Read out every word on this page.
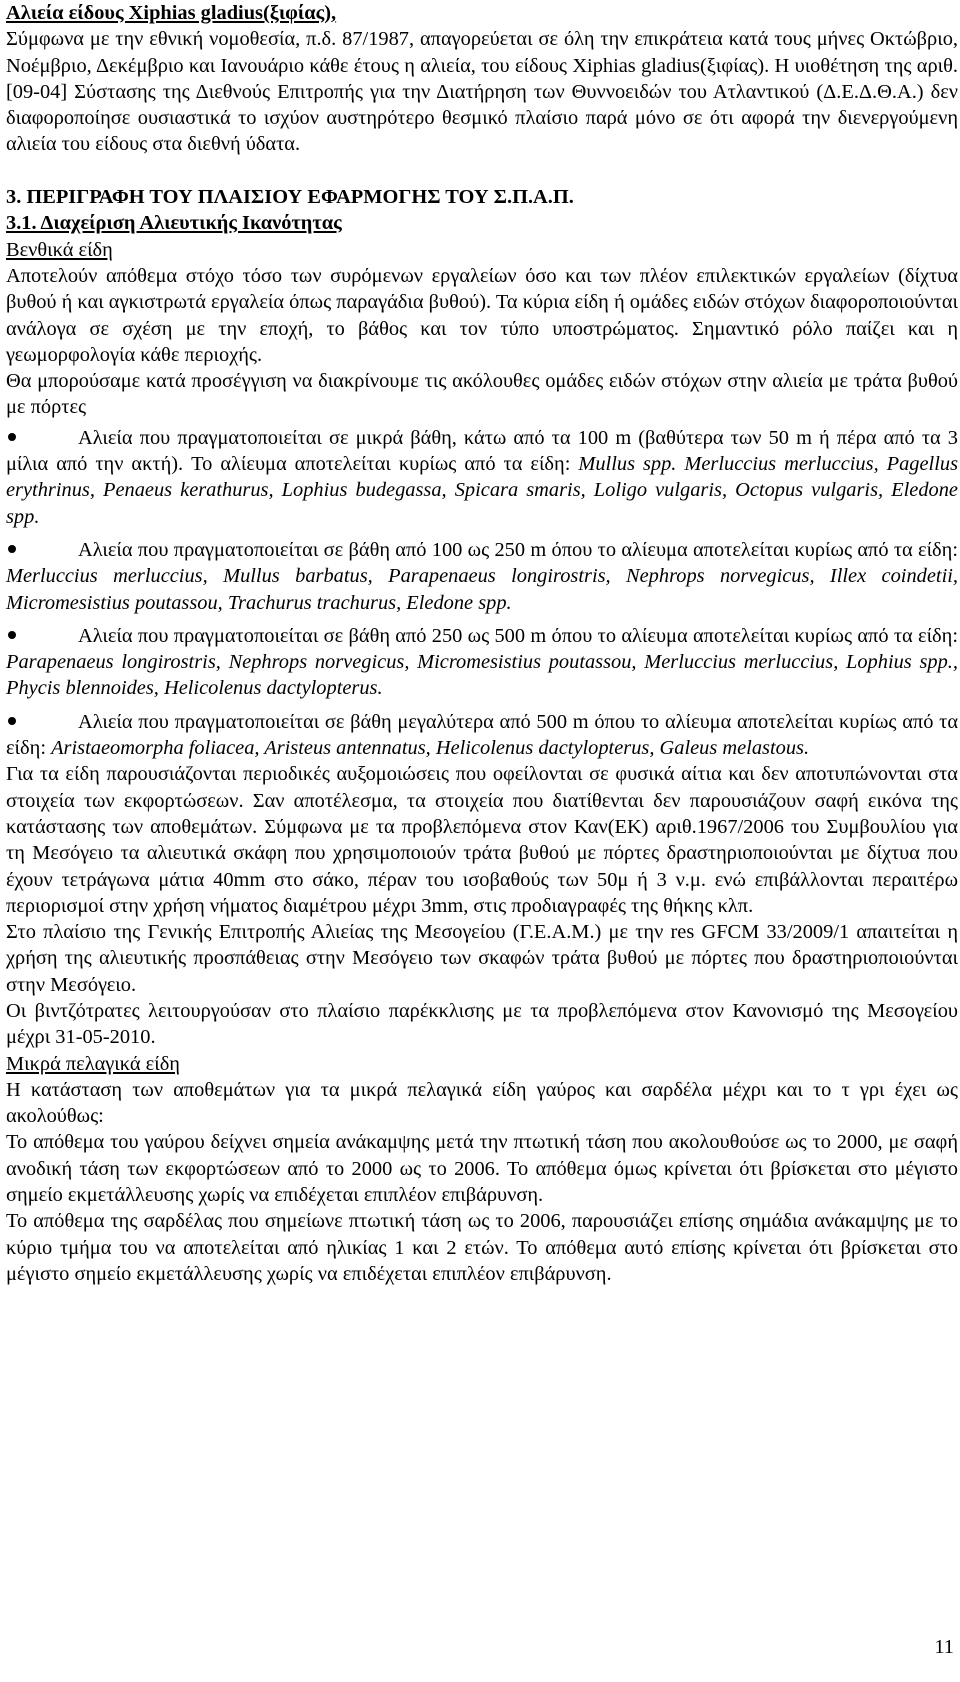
Αλιεία είδους Xiphias gladius(ξιφίας),

Σύμφωνα με την εθνική νομοθεσία, π.δ. 87/1987, απαγορεύεται σε όλη την επικράτεια κατά τους μήνες Οκτώβριο, Νοέμβριο, Δεκέμβριο και Ιανουάριο κάθε έτους η αλιεία, του είδους Xiphias gladius(ξιφίας). Η υιοθέτηση της αριθ. [09-04] Σύστασης της Διεθνούς Επιτροπής για την Διατήρηση των Θυννοειδών του Ατλαντικού (Δ.Ε.Δ.Θ.Α.) δεν διαφοροποίησε ουσιαστικά το ισχύον αυστηρότερο θεσμικό πλαίσιο παρά μόνο σε ότι αφορά την διενεργούμενη αλιεία του είδους στα διεθνή ύδατα.

3. ΠΕΡΙΓΡΑΦΗ ΤΟΥ ΠΛΑΙΣΙΟΥ ΕΦΑΡΜΟΓΗΣ ΤΟΥ Σ.Π.Α.Π.

3.1. Διαχείριση Αλιευτικής Ικανότητας

Βενθικά είδη

Αποτελούν απόθεμα στόχο τόσο των συρόμενων εργαλείων όσο και των πλέον επιλεκτικών εργαλείων (δίχτυα βυθού ή και αγκιστρωτά εργαλεία όπως παραγάδια βυθού). Τα κύρια είδη ή ομάδες ειδών στόχων διαφοροποιούνται ανάλογα σε σχέση με την εποχή, το βάθος και τον τύπο υποστρώματος. Σημαντικό ρόλο παίζει και η γεωμορφολογία κάθε περιοχής.

Θα μπορούσαμε κατά προσέγγιση να διακρίνουμε τις ακόλουθες ομάδες ειδών στόχων στην αλιεία με τράτα βυθού με πόρτες

Αλιεία που πραγματοποιείται σε μικρά βάθη, κάτω από τα 100 m (βαθύτερα των 50 m ή πέρα από τα 3 μίλια από την ακτή). Το αλίευμα αποτελείται κυρίως από τα είδη: Mullus spp. Merluccius merluccius, Pagellus erythrinus, Penaeus kerathurus, Lophius budegassa, Spicara smaris, Loligo vulgaris, Octopus vulgaris, Eledone spp.

Αλιεία που πραγματοποιείται σε βάθη από 100 ως 250 m όπου το αλίευμα αποτελείται κυρίως από τα είδη: Merluccius merluccius, Mullus barbatus, Parapenaeus longirostris, Nephrops norvegicus, Illex coindetii, Micromesistius poutassou, Trachurus trachurus, Eledone spp.

Αλιεία που πραγματοποιείται σε βάθη από 250 ως 500 m όπου το αλίευμα αποτελείται κυρίως από τα είδη: Parapenaeus longirostris, Nephrops norvegicus, Micromesistius poutassou, Merluccius merluccius, Lophius spp., Phycis blennoides, Helicolenus dactylopterus.

Αλιεία που πραγματοποιείται σε βάθη μεγαλύτερα από 500 m όπου το αλίευμα αποτελείται κυρίως από τα είδη: Aristaeomorpha foliacea, Aristeus antennatus, Helicolenus dactylopterus, Galeus melastous.

Για τα είδη παρουσιάζονται περιοδικές αυξομοιώσεις που οφείλονται σε φυσικά αίτια και δεν αποτυπώνονται στα στοιχεία των εκφορτώσεων. Σαν αποτέλεσμα, τα στοιχεία που διατίθενται δεν παρουσιάζουν σαφή εικόνα της κατάστασης των αποθεμάτων. Σύμφωνα με τα προβλεπόμενα στον Καν(ΕΚ) αριθ.1967/2006 του Συμβουλίου για τη Μεσόγειο τα αλιευτικά σκάφη που χρησιμοποιούν τράτα βυθού με πόρτες δραστηριοποιούνται με δίχτυα που έχουν τετράγωνα μάτια 40mm στο σάκο, πέραν του ισοβαθούς των 50μ ή 3 ν.μ. ενώ επιβάλλονται περαιτέρω περιορισμοί στην χρήση νήματος διαμέτρου μέχρι 3mm, στις προδιαγραφές της θήκης κλπ.

Στο πλαίσιο της Γενικής Επιτροπής Αλιείας της Μεσογείου (Γ.Ε.Α.Μ.) με την res GFCM 33/2009/1 απαιτείται η χρήση της αλιευτικής προσπάθειας στην Μεσόγειο των σκαφών τράτα βυθού με πόρτες που δραστηριοποιούνται στην Μεσόγειο.

Οι βιντζότρατες λειτουργούσαν στο πλαίσιο παρέκκλισης με τα προβλεπόμενα στον Κανονισμό της Μεσογείου μέχρι 31-05-2010.

Μικρά πελαγικά είδη

Η κατάσταση των αποθεμάτων για τα μικρά πελαγικά είδη γαύρος και σαρδέλα μέχρι και το τ γρι έχει ως ακολούθως:

Το απόθεμα του γαύρου δείχνει σημεία ανάκαμψης μετά την πτωτική τάση που ακολουθούσε ως το 2000, με σαφή ανοδική τάση των εκφορτώσεων από το 2000 ως το 2006. Το απόθεμα όμως κρίνεται ότι βρίσκεται στο μέγιστο σημείο εκμετάλλευσης χωρίς να επιδέχεται επιπλέον επιβάρυνση.

Το απόθεμα της σαρδέλας που σημείωνε πτωτική τάση ως το 2006, παρουσιάζει επίσης σημάδια ανάκαμψης με το κύριο τμήμα του να αποτελείται από ηλικίας 1 και 2 ετών. Το απόθεμα αυτό επίσης κρίνεται ότι βρίσκεται στο μέγιστο σημείο εκμετάλλευσης χωρίς να επιδέχεται επιπλέον επιβάρυνση.

11
